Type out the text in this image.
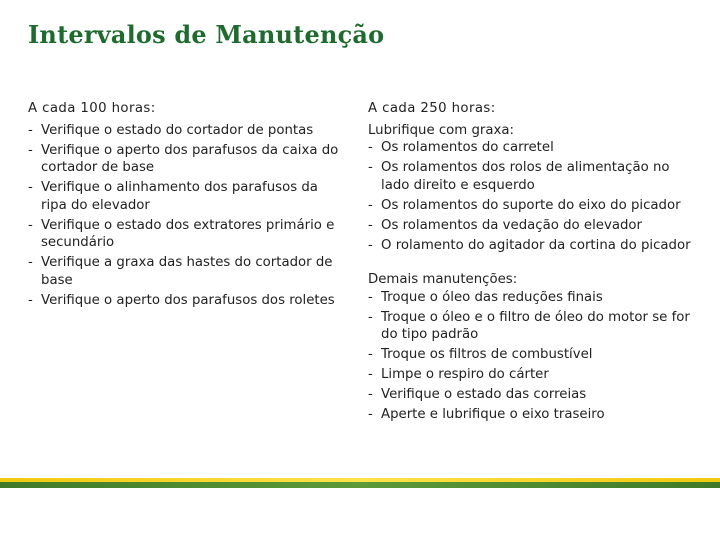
Intervalos de Manutenção
A cada 100 horas:
- Verifique o estado do cortador de pontas
- Verifique o aperto dos parafusos da caixa do cortador de base
- Verifique o alinhamento dos parafusos da ripa do elevador
- Verifique o estado dos extratores primário e secundário
- Verifique a graxa das hastes do cortador de base
- Verifique o aperto dos parafusos dos roletes
A cada 250 horas:
Lubrifique com graxa:
- Os rolamentos do carretel
- Os rolamentos dos rolos de alimentação no lado direito e esquerdo
- Os rolamentos do suporte do eixo do picador
- Os rolamentos da vedação do elevador
- O rolamento do agitador da cortina do picador
Demais manutenções:
- Troque o óleo das reduções finais
- Troque o óleo e o filtro de óleo do motor se for do tipo padrão
- Troque os filtros de combustível
- Limpe o respiro do cárter
- Verifique o estado das correias
- Aperte e lubrifique o eixo traseiro
